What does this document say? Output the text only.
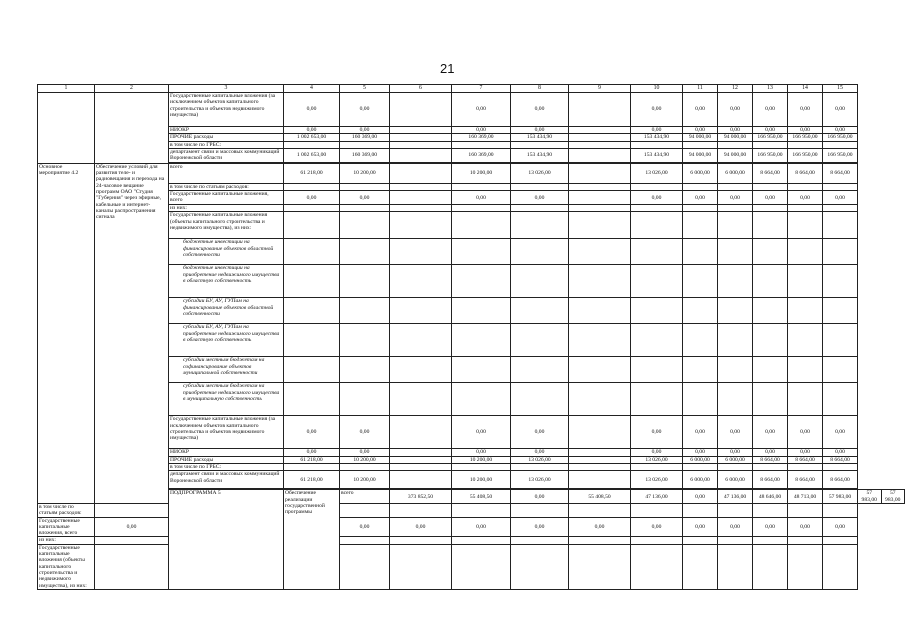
21
1	2	3	4	5	6	7	8	9	10	11	12	13	14	15		
		Государственные капитальные вложения (за исключением объектов капитального строительства и объектов недвижимого имущества)	0,00	0,00		0,00	0,00		0,00	0,00	0,00	0,00	0,00	0,00		
		НИОКР	0,00	0,00		0,00	0,00		0,00	0,00	0,00	0,00	0,00	0,00		
		ПРОЧИЕ расходы	1 002 653,00	160 369,00		160 369,00	153 434,90		153 434,90	94 000,00	94 000,00	166 950,00	166 950,00	166 950,00		
		в том числе по ГРБС:														
		департамент связи и массовых коммуникаций Воронежской области	1 002 653,00	160 369,00		160 369,00	153 434,90		153 434,90	94 000,00	94 000,00	166 950,00	166 950,00	166 950,00		

Основное мероприятие 4.2	Обеспечение условий для развития теле- и радиовещания и перехода на 24-часовое вещание программ ОАО "Студия "Губерния" через эфирные, кабельные и интернет-каналы распространения сигнала	всего	61 218,00	10 200,00		10 200,00	13 026,00		13 026,00	6 000,00	6 000,00	8 664,00	8 664,00	8 664,00		
		в том числе по статьям расходов:														
		Государственные капитальные вложения, всего	0,00	0,00		0,00	0,00		0,00	0,00	0,00	0,00	0,00	0,00		
		из них:														
		Государственные капитальные вложения (объекты капитального строительства и недвижимого имущества), из них:														
		бюджетные инвестиции на финансирование объектов областной собственности														
		бюджетные инвестиции на приобретение недвижимого имущества в областную собственность														
		субсидии БУ, АУ, ГУПам на финансирование объектов областной собственности														
		субсидии БУ, АУ, ГУПам на приобретение недвижимого имущества в областную собственность														
		субсидии местным бюджетам на софинансирование объектов муниципальной собственности														
		субсидии местным бюджетам на приобретение недвижимого имущества в муниципальную собственность														
		Государственные капитальные вложения (за исключением объектов капитального строительства и объектов недвижимого имущества)	0,00	0,00		0,00	0,00		0,00	0,00	0,00	0,00	0,00	0,00		
		НИОКР	0,00	0,00		0,00	0,00		0,00	0,00	0,00	0,00	0,00	0,00		
		ПРОЧИЕ расходы	61 218,00	10 200,00		10 200,00	13 026,00		13 026,00	6 000,00	6 000,00	8 664,00	8 664,00	8 664,00		
		в том числе по ГРБС:														
		департамент связи и массовых коммуникаций Воронежской области	61 218,00	10 200,00		10 200,00	13 026,00		13 026,00	6 000,00	6 000,00	8 664,00	8 664,00	8 664,00		

		ПОДПРОГРАММА 5	Обеспечение реализации государственной программы	всего	373 852,50	55 408,50	0,00	55 408,50	47 136,00	0,00	47 136,00	48 646,00	48 713,00	57 983,00	57 983,00	57 983,00
в том числе по статьям расходов:																
Государственные капитальные вложения, всего	0,00			0,00	0,00	0,00	0,00	0,00	0,00	0,00	0,00	0,00	0,00	0,00		
из них:																
Государственные капитальные вложения (объекты капитального строительства и недвижимого имущества), из них:																
